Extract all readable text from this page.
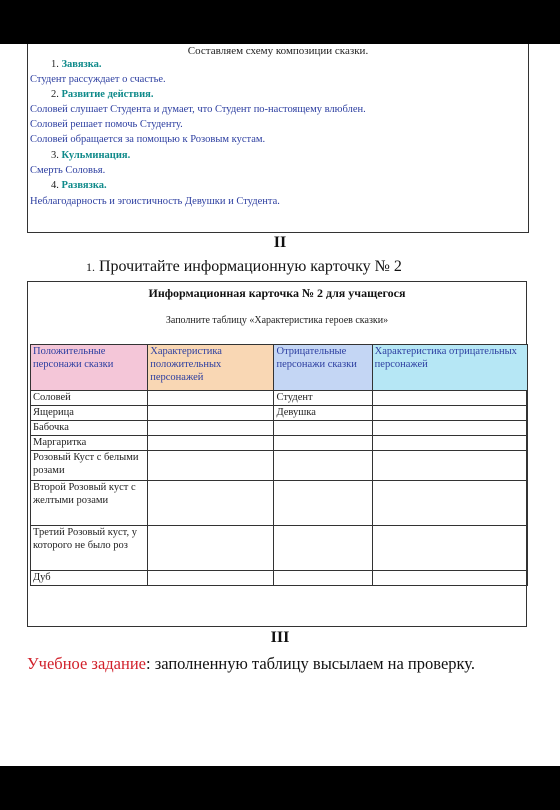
Составляем схему композиции сказки.
1. Завязка.
Студент рассуждает о счастье.
2. Развитие действия.
Соловей слушает Студента и думает, что Студент по-настоящему влюблен.
Соловей решает помочь Студенту.
Соловей обращается за помощью к Розовым кустам.
3. Кульминация.
Смерть Соловья.
4. Развязка.
Неблагодарность и эгоистичность Девушки и Студента.
II
1. Прочитайте информационную карточку № 2
Информационная карточка № 2 для учащегося
Заполните таблицу «Характеристика героев сказки»
Положительные персонажи сказки	Характеристика положительных персонажей	Отрицательные персонажи сказки	Характеристика отрицательных персонажей
Соловей		Студент	
Ящерица		Девушка	
Бабочка			
Маргаритка			
Розовый Куст с белыми розами			
Второй Розовый куст с желтыми розами			
Третий Розовый куст, у которого не было роз			
Дуб			
III
Учебное задание: заполненную таблицу высылаем на проверку.
